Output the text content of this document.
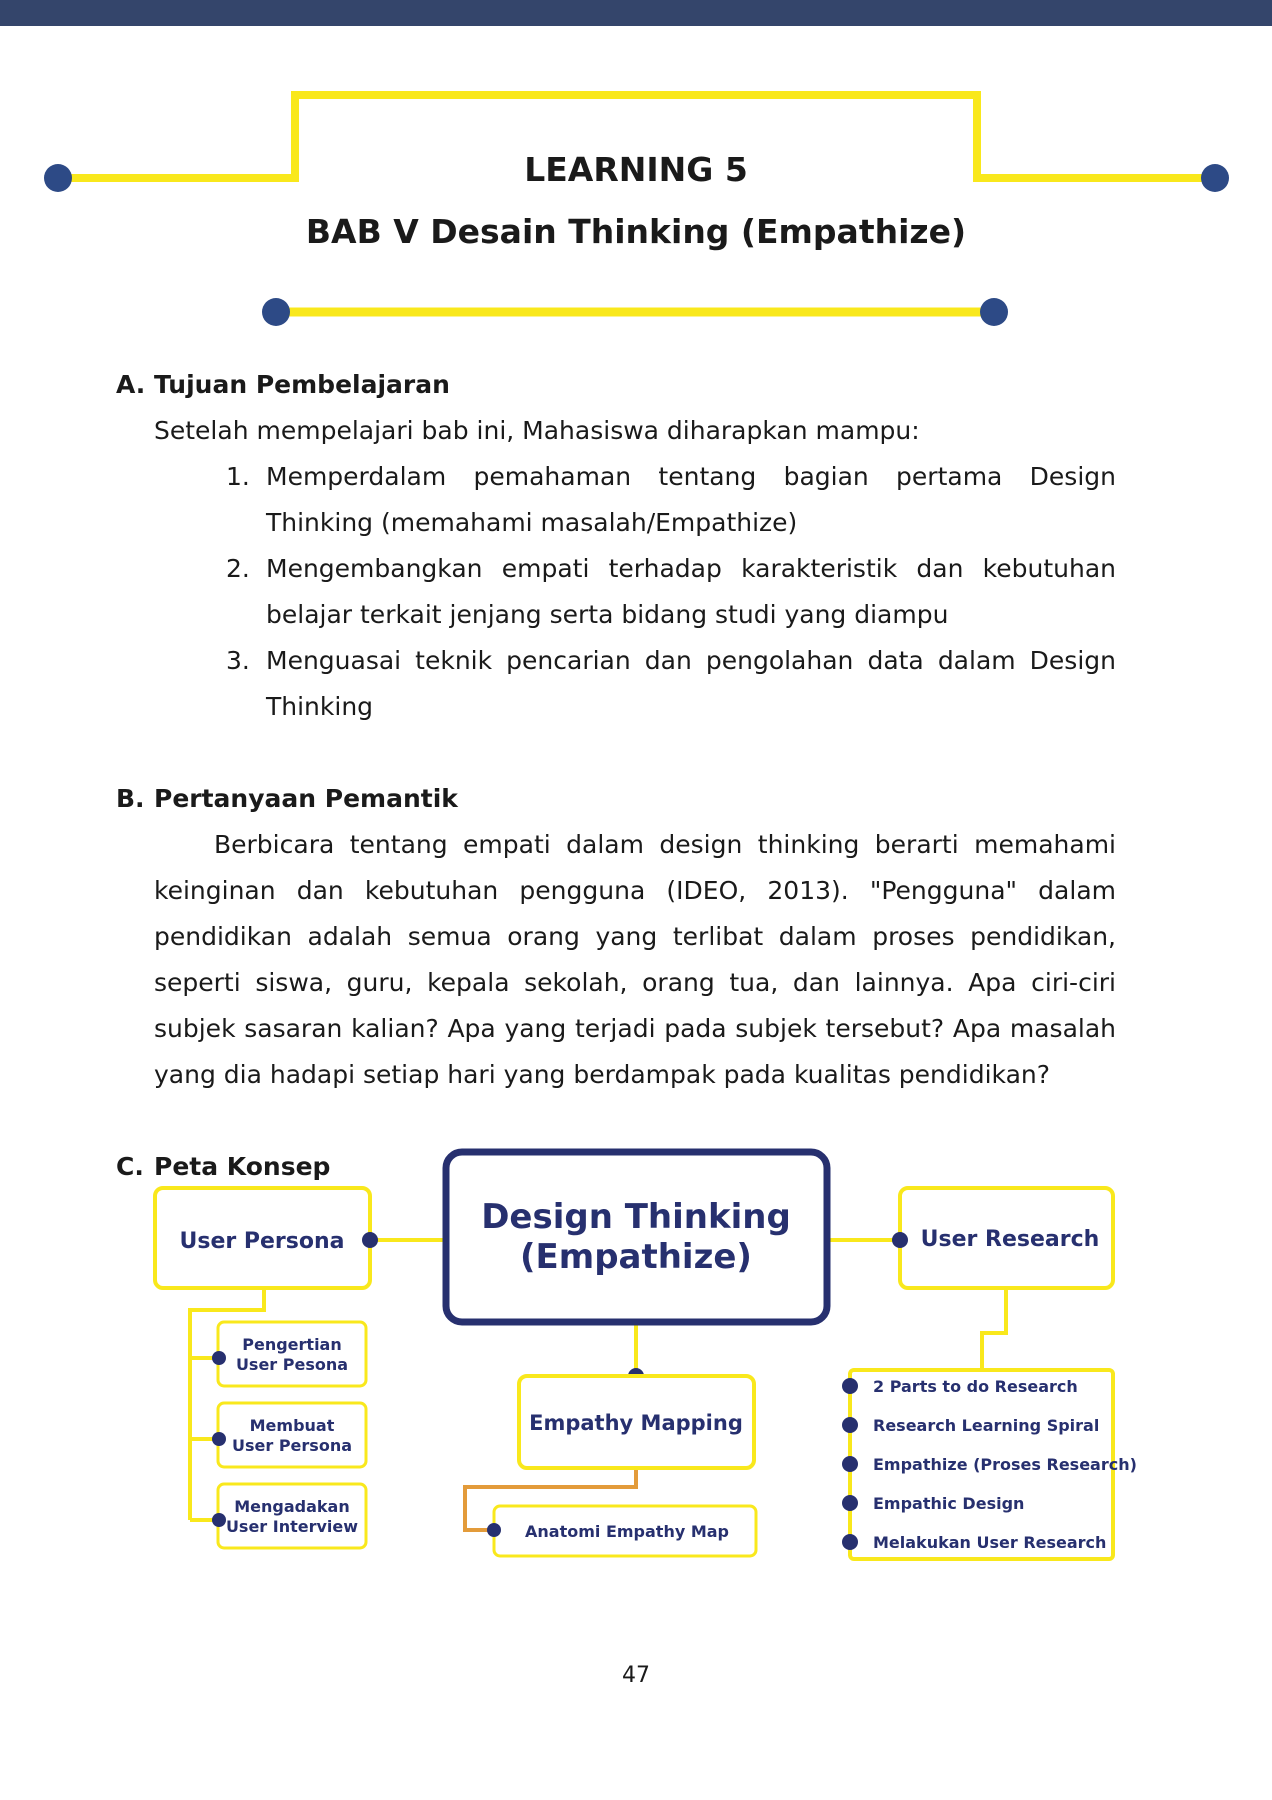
LEARNING 5
BAB V Desain Thinking (Empathize)
A. Tujuan Pembelajaran
Setelah mempelajari bab ini, Mahasiswa diharapkan mampu:
1. Memperdalam pemahaman tentang bagian pertama Design Thinking (memahami masalah/Empathize)
2. Mengembangkan empati terhadap karakteristik dan kebutuhan belajar terkait jenjang serta bidang studi yang diampu
3. Menguasai teknik pencarian dan pengolahan data dalam Design Thinking
B. Pertanyaan Pemantik
Berbicara tentang empati dalam design thinking berarti memahami keinginan dan kebutuhan pengguna (IDEO, 2013). "Pengguna" dalam pendidikan adalah semua orang yang terlibat dalam proses pendidikan, seperti siswa, guru, kepala sekolah, orang tua, dan lainnya. Apa ciri-ciri subjek sasaran kalian? Apa yang terjadi pada subjek tersebut? Apa masalah yang dia hadapi setiap hari yang berdampak pada kualitas pendidikan?
C. Peta Konsep
Design Thinking
(Empathize)
User Persona
Pengertian
User Pesona
Membuat
User Persona
Mengadakan
User Interview
Empathy Mapping
Anatomi Empathy Map
User Research
2 Parts to do Research
Research Learning Spiral
Empathize (Proses Research)
Empathic Design
Melakukan User Research
47
